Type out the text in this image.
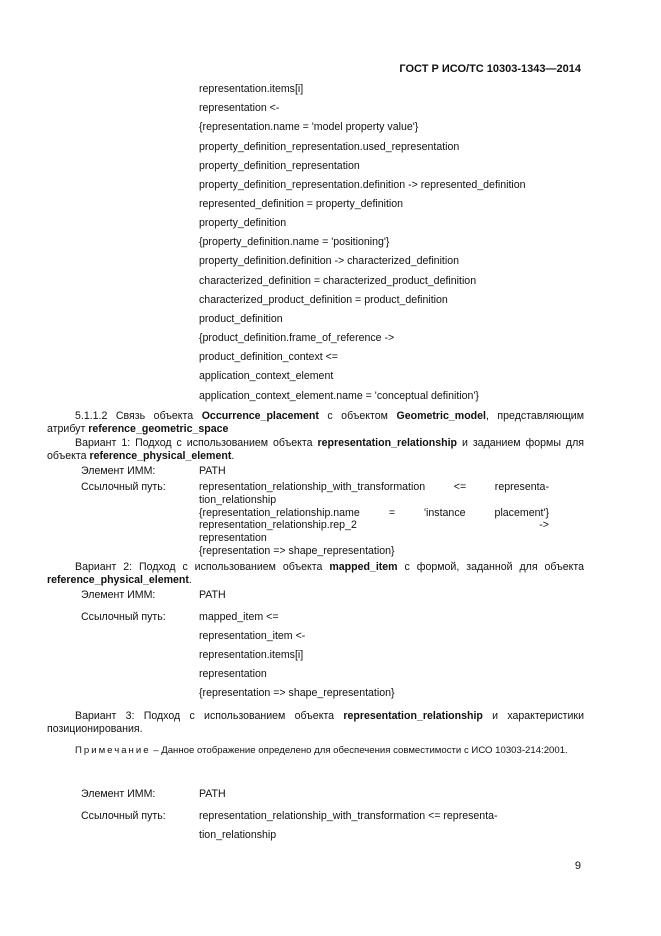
ГОСТ Р ИСО/ТС 10303-1343—2014
representation.items[i]
representation <-
{representation.name = 'model property value'}
property_definition_representation.used_representation
property_definition_representation
property_definition_representation.definition -> represented_definition
represented_definition = property_definition
property_definition
{property_definition.name = 'positioning'}
property_definition.definition -> characterized_definition
characterized_definition = characterized_product_definition
characterized_product_definition = product_definition
product_definition
{product_definition.frame_of_reference ->
product_definition_context <=
application_context_element
application_context_element.name = 'conceptual definition'}
5.1.1.2 Связь объекта Occurrence_placement с объектом Geometric_model, представляющим атрибут reference_geometric_space
Вариант 1: Подход с использованием объекта representation_relationship и заданием формы для объекта reference_physical_element.
Элемент ИММ:	PATH
Ссылочный путь:	representation_relationship_with_transformation	<=	representa-
tion_relationship
{representation_relationship.name	=	'instance	placement'}
representation_relationship.rep_2	->
representation
{representation => shape_representation}
Вариант 2: Подход с использованием объекта mapped_item с формой, заданной для объекта reference_physical_element.
Элемент ИММ:	PATH
Ссылочный путь:	mapped_item <=
representation_item <-
representation.items[i]
representation
{representation => shape_representation}
Вариант 3: Подход с использованием объекта representation_relationship и характеристики позиционирования.
Примечание – Данное отображение определено для обеспечения совместимости с ИСО 10303-214:2001.
Элемент ИММ:	PATH
Ссылочный путь:	representation_relationship_with_transformation <= representa-
tion_relationship
9
